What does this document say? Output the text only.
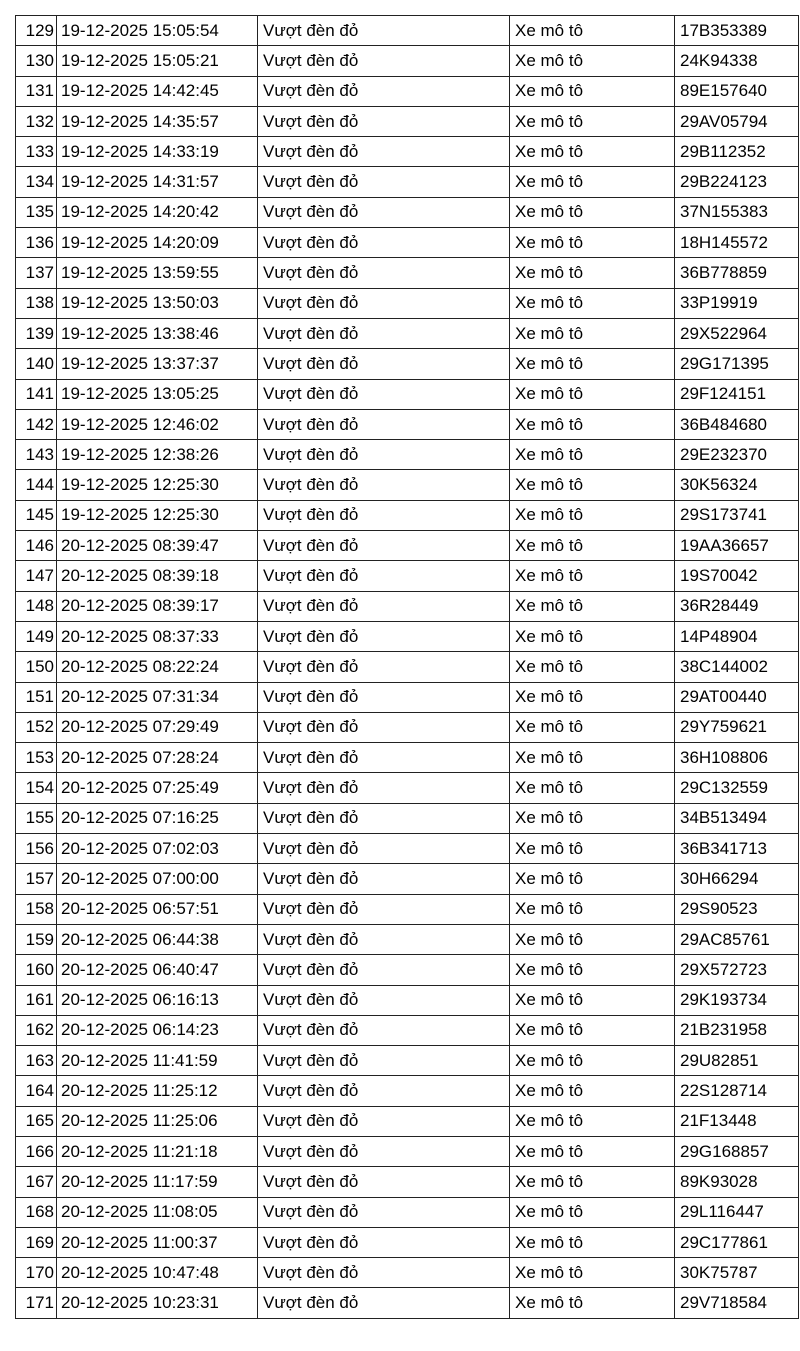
129	19-12-2025 15:05:54	Vượt đèn đỏ	Xe mô tô	17B353389
130	19-12-2025 15:05:21	Vượt đèn đỏ	Xe mô tô	24K94338
131	19-12-2025 14:42:45	Vượt đèn đỏ	Xe mô tô	89E157640
132	19-12-2025 14:35:57	Vượt đèn đỏ	Xe mô tô	29AV05794
133	19-12-2025 14:33:19	Vượt đèn đỏ	Xe mô tô	29B112352
134	19-12-2025 14:31:57	Vượt đèn đỏ	Xe mô tô	29B224123
135	19-12-2025 14:20:42	Vượt đèn đỏ	Xe mô tô	37N155383
136	19-12-2025 14:20:09	Vượt đèn đỏ	Xe mô tô	18H145572
137	19-12-2025 13:59:55	Vượt đèn đỏ	Xe mô tô	36B778859
138	19-12-2025 13:50:03	Vượt đèn đỏ	Xe mô tô	33P19919
139	19-12-2025 13:38:46	Vượt đèn đỏ	Xe mô tô	29X522964
140	19-12-2025 13:37:37	Vượt đèn đỏ	Xe mô tô	29G171395
141	19-12-2025 13:05:25	Vượt đèn đỏ	Xe mô tô	29F124151
142	19-12-2025 12:46:02	Vượt đèn đỏ	Xe mô tô	36B484680
143	19-12-2025 12:38:26	Vượt đèn đỏ	Xe mô tô	29E232370
144	19-12-2025 12:25:30	Vượt đèn đỏ	Xe mô tô	30K56324
145	19-12-2025 12:25:30	Vượt đèn đỏ	Xe mô tô	29S173741
146	20-12-2025 08:39:47	Vượt đèn đỏ	Xe mô tô	19AA36657
147	20-12-2025 08:39:18	Vượt đèn đỏ	Xe mô tô	19S70042
148	20-12-2025 08:39:17	Vượt đèn đỏ	Xe mô tô	36R28449
149	20-12-2025 08:37:33	Vượt đèn đỏ	Xe mô tô	14P48904
150	20-12-2025 08:22:24	Vượt đèn đỏ	Xe mô tô	38C144002
151	20-12-2025 07:31:34	Vượt đèn đỏ	Xe mô tô	29AT00440
152	20-12-2025 07:29:49	Vượt đèn đỏ	Xe mô tô	29Y759621
153	20-12-2025 07:28:24	Vượt đèn đỏ	Xe mô tô	36H108806
154	20-12-2025 07:25:49	Vượt đèn đỏ	Xe mô tô	29C132559
155	20-12-2025 07:16:25	Vượt đèn đỏ	Xe mô tô	34B513494
156	20-12-2025 07:02:03	Vượt đèn đỏ	Xe mô tô	36B341713
157	20-12-2025 07:00:00	Vượt đèn đỏ	Xe mô tô	30H66294
158	20-12-2025 06:57:51	Vượt đèn đỏ	Xe mô tô	29S90523
159	20-12-2025 06:44:38	Vượt đèn đỏ	Xe mô tô	29AC85761
160	20-12-2025 06:40:47	Vượt đèn đỏ	Xe mô tô	29X572723
161	20-12-2025 06:16:13	Vượt đèn đỏ	Xe mô tô	29K193734
162	20-12-2025 06:14:23	Vượt đèn đỏ	Xe mô tô	21B231958
163	20-12-2025 11:41:59	Vượt đèn đỏ	Xe mô tô	29U82851
164	20-12-2025 11:25:12	Vượt đèn đỏ	Xe mô tô	22S128714
165	20-12-2025 11:25:06	Vượt đèn đỏ	Xe mô tô	21F13448
166	20-12-2025 11:21:18	Vượt đèn đỏ	Xe mô tô	29G168857
167	20-12-2025 11:17:59	Vượt đèn đỏ	Xe mô tô	89K93028
168	20-12-2025 11:08:05	Vượt đèn đỏ	Xe mô tô	29L116447
169	20-12-2025 11:00:37	Vượt đèn đỏ	Xe mô tô	29C177861
170	20-12-2025 10:47:48	Vượt đèn đỏ	Xe mô tô	30K75787
171	20-12-2025 10:23:31	Vượt đèn đỏ	Xe mô tô	29V718584
